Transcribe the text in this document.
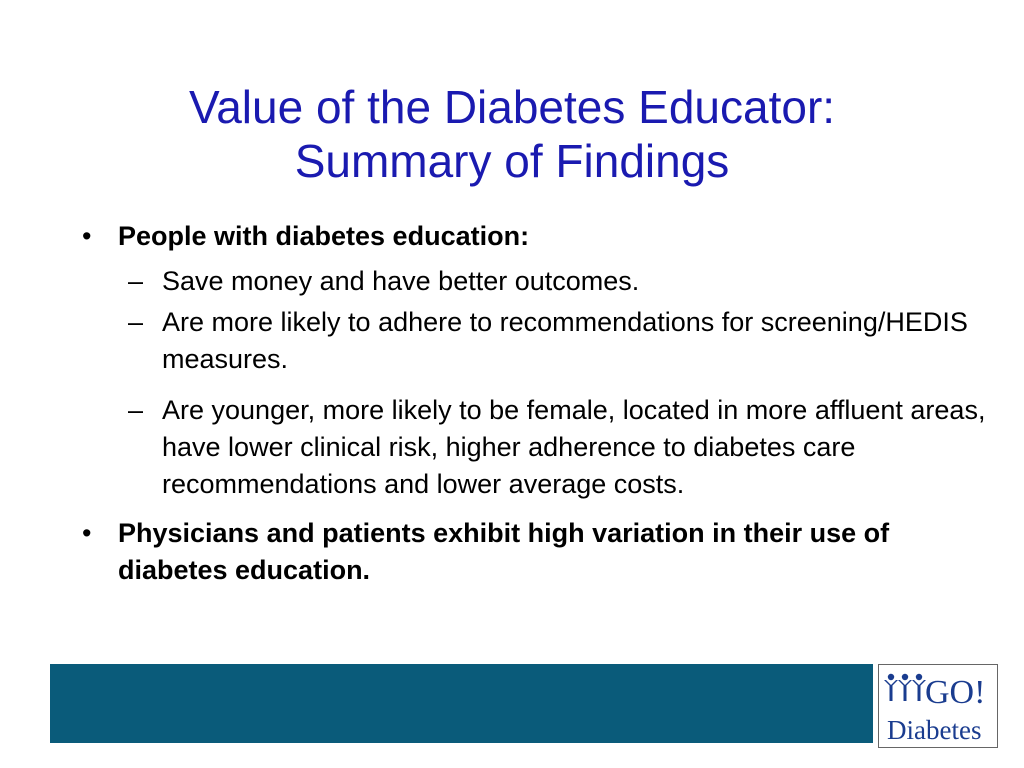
Value of the Diabetes Educator:
Summary of Findings
• People with diabetes education:
– Save money and have better outcomes.
– Are more likely to adhere to recommendations for screening/HEDIS measures.
– Are younger, more likely to be female, located in more affluent areas, have lower clinical risk, higher adherence to diabetes care recommendations and lower average costs.
• Physicians and patients exhibit high variation in their use of diabetes education.
GO!
Diabetes
